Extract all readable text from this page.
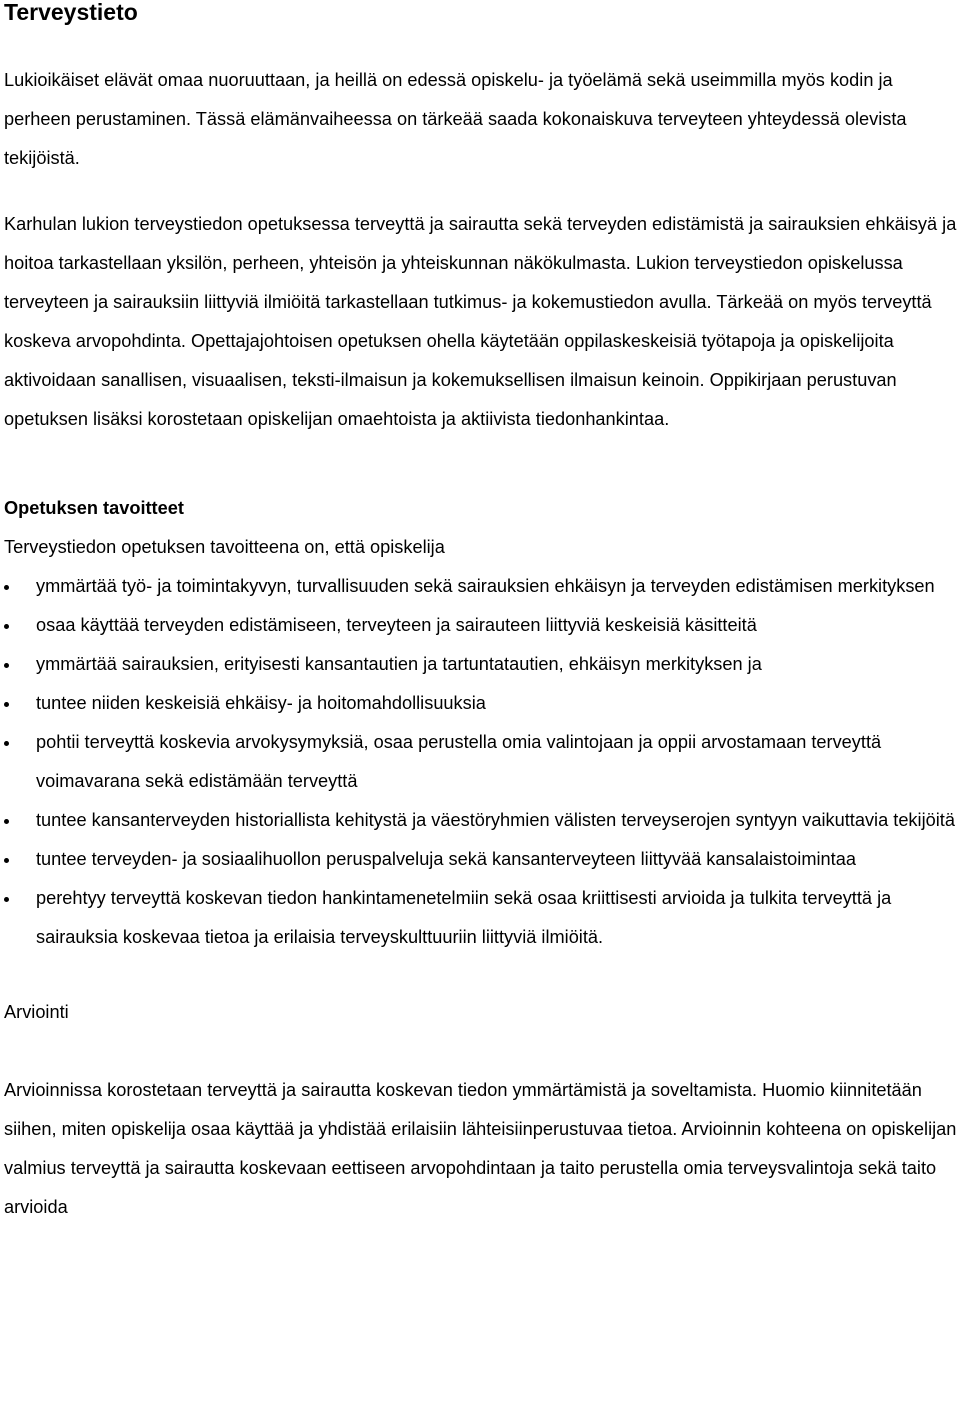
Terveystieto

Lukioikäiset elävät omaa nuoruuttaan, ja heillä on edessä opiskelu- ja työelämä sekä useimmilla myös kodin ja perheen perustaminen. Tässä elämänvaiheessa on tärkeää saada kokonaiskuva terveyteen yhteydessä olevista tekijöistä.

Karhulan lukion terveystiedon opetuksessa terveyttä ja sairautta sekä terveyden edistämistä ja sairauksien ehkäisyä ja hoitoa tarkastellaan yksilön, perheen, yhteisön ja yhteiskunnan näkökulmasta. Lukion terveystiedon opiskelussa terveyteen ja sairauksiin liittyviä ilmiöitä tarkastellaan tutkimus- ja kokemustiedon avulla. Tärkeää on myös terveyttä koskeva arvopohdinta. Opettajajohtoisen opetuksen ohella käytetään oppilaskeskeisiä työtapoja ja opiskelijoita aktivoidaan sanallisen, visuaalisen, teksti-ilmaisun ja kokemuksellisen ilmaisun keinoin. Oppikirjaan perustuvan opetuksen lisäksi korostetaan opiskelijan omaehtoista ja aktiivista tiedonhankintaa.

Opetuksen tavoitteet

Terveystiedon opetuksen tavoitteena on, että opiskelija

ymmärtää työ- ja toimintakyvyn, turvallisuuden sekä sairauksien ehkäisyn ja terveyden edistämisen merkityksen
osaa käyttää terveyden edistämiseen, terveyteen ja sairauteen liittyviä keskeisiä käsitteitä
ymmärtää sairauksien, erityisesti kansantautien ja tartuntatautien, ehkäisyn merkityksen ja
tuntee niiden keskeisiä ehkäisy- ja hoitomahdollisuuksia
pohtii terveyttä koskevia arvokysymyksiä, osaa perustella omia valintojaan ja oppii arvostamaan terveyttä voimavarana sekä edistämään terveyttä
tuntee kansanterveyden historiallista kehitystä ja väestöryhmien välisten terveyserojen syntyyn vaikuttavia tekijöitä
tuntee terveyden- ja sosiaalihuollon peruspalveluja sekä kansanterveyteen liittyvää kansalaistoimintaa
perehtyy terveyttä koskevan tiedon hankintamenetelmiin sekä osaa kriittisesti arvioida ja tulkita terveyttä ja sairauksia koskevaa tietoa ja erilaisia terveyskulttuuriin liittyviä ilmiöitä.
Arviointi

Arvioinnissa korostetaan terveyttä ja sairautta koskevan tiedon ymmärtämistä ja soveltamista. Huomio kiinnitetään siihen, miten opiskelija osaa käyttää ja yhdistää erilaisiin lähteisiinperustuvaa tietoa. Arvioinnin kohteena on opiskelijan valmius terveyttä ja sairautta koskevaan eettiseen arvopohdintaan ja taito perustella omia terveysvalintoja sekä taito arvioida
